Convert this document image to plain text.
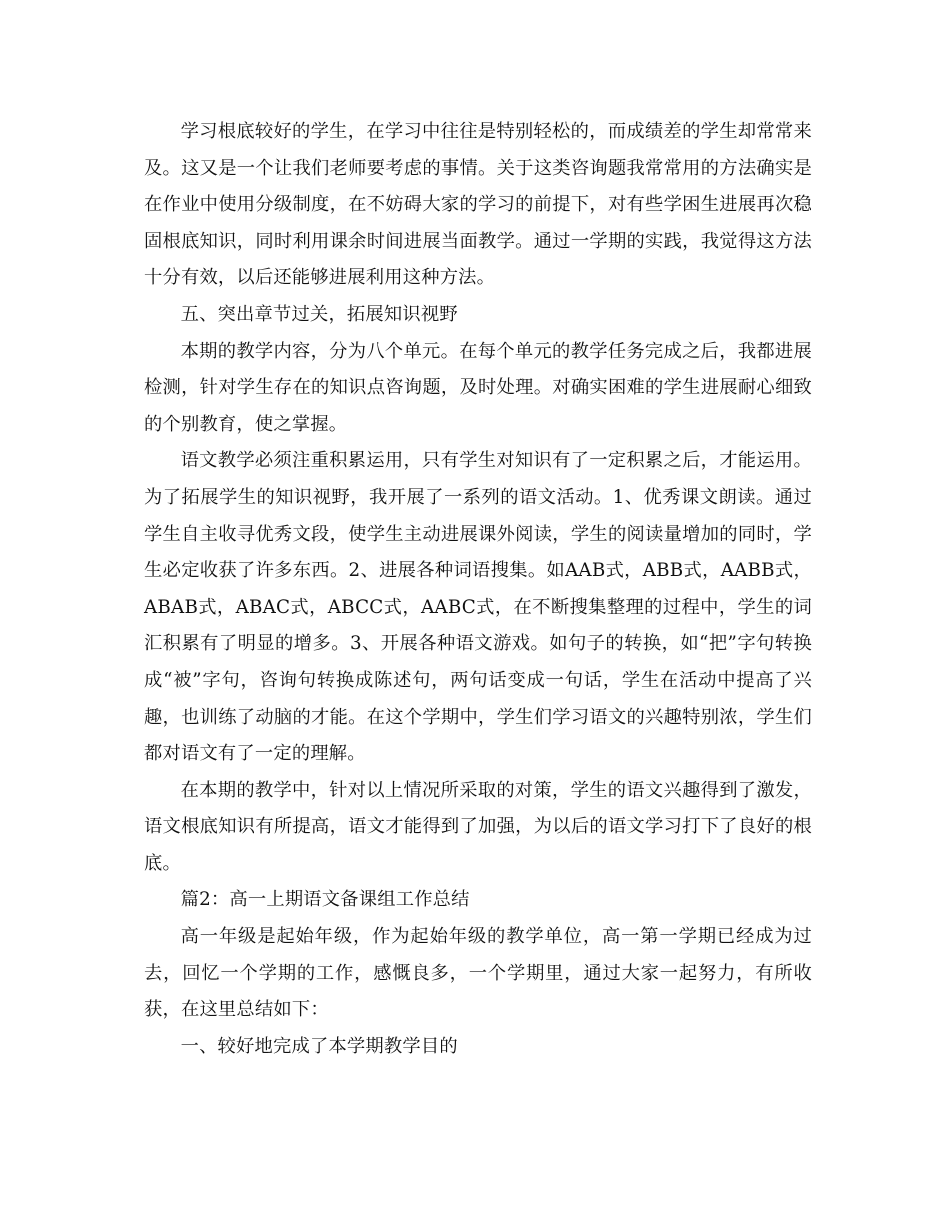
学习根底较好的学生，在学习中往往是特别轻松的，而成绩差的学生却常常来及。这又是一个让我们老师要考虑的事情。关于这类咨询题我常常用的方法确实是在作业中使用分级制度，在不妨碍大家的学习的前提下，对有些学困生进展再次稳固根底知识，同时利用课余时间进展当面教学。通过一学期的实践，我觉得这方法十分有效，以后还能够进展利用这种方法。

五、突出章节过关，拓展知识视野

本期的教学内容，分为八个单元。在每个单元的教学任务完成之后，我都进展检测，针对学生存在的知识点咨询题，及时处理。对确实困难的学生进展耐心细致的个别教育，使之掌握。

语文教学必须注重积累运用，只有学生对知识有了一定积累之后，才能运用。为了拓展学生的知识视野，我开展了一系列的语文活动。1、优秀课文朗读。通过学生自主收寻优秀文段，使学生主动进展课外阅读，学生的阅读量增加的同时，学生必定收获了许多东西。2、进展各种词语搜集。如AAB式，ABB式，AABB式，ABAB式，ABAC式，ABCC式，AABC式，在不断搜集整理的过程中，学生的词汇积累有了明显的增多。3、开展各种语文游戏。如句子的转换，如“把”字句转换成“被”字句，咨询句转换成陈述句，两句话变成一句话，学生在活动中提高了兴趣，也训练了动脑的才能。在这个学期中，学生们学习语文的兴趣特别浓，学生们都对语文有了一定的理解。

在本期的教学中，针对以上情况所采取的对策，学生的语文兴趣得到了激发，语文根底知识有所提高，语文才能得到了加强，为以后的语文学习打下了良好的根底。

篇2：高一上期语文备课组工作总结

高一年级是起始年级，作为起始年级的教学单位，高一第一学期已经成为过去，回忆一个学期的工作，感慨良多，一个学期里，通过大家一起努力，有所收获，在这里总结如下：

一、较好地完成了本学期教学目的
